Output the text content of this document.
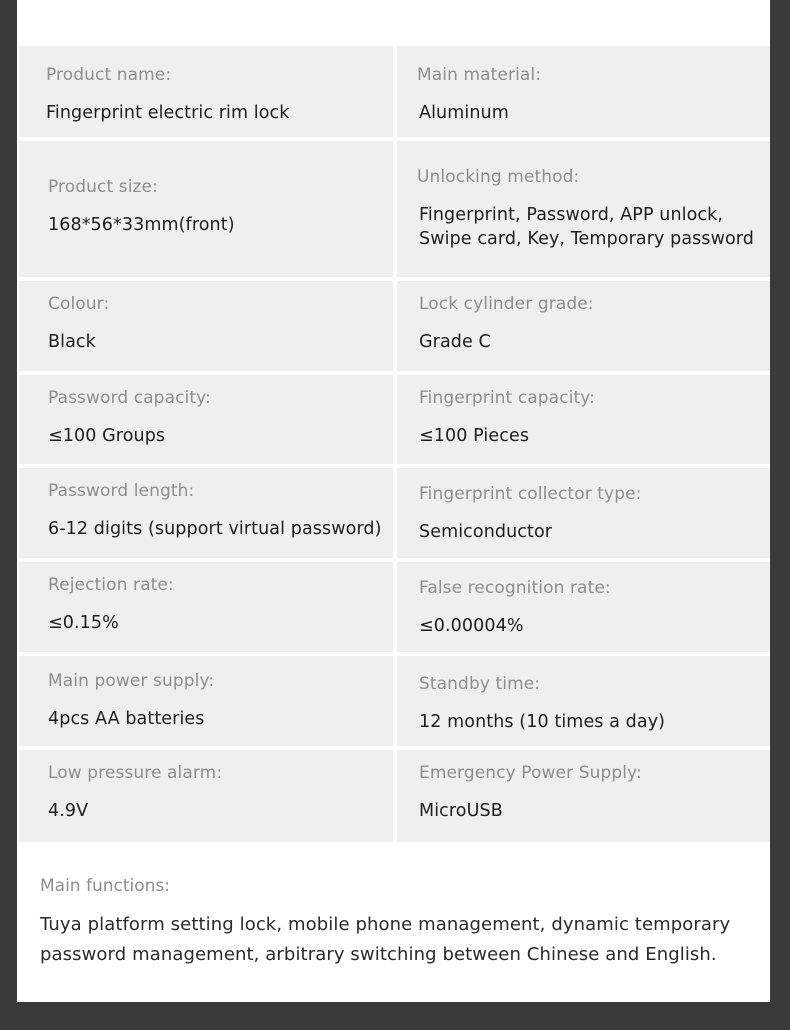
Product name:
Fingerprint electric rim lock
Main material:
Aluminum
Product size:
168*56*33mm(front)
Unlocking method:
Fingerprint, Password, APP unlock,
Swipe card, Key, Temporary password
Colour:
Black
Lock cylinder grade:
Grade C
Password capacity:
≤100 Groups
Fingerprint capacity:
≤100 Pieces
Password length:
6-12 digits (support virtual password)
Fingerprint collector type:
Semiconductor
Rejection rate:
≤0.15%
False recognition rate:
≤0.00004%
Main power supply:
4pcs AA batteries
Standby time:
12 months (10 times a day)
Low pressure alarm:
4.9V
Emergency Power Supply:
MicroUSB
Main functions:
Tuya platform setting lock, mobile phone management, dynamic temporary password management, arbitrary switching between Chinese and English.
